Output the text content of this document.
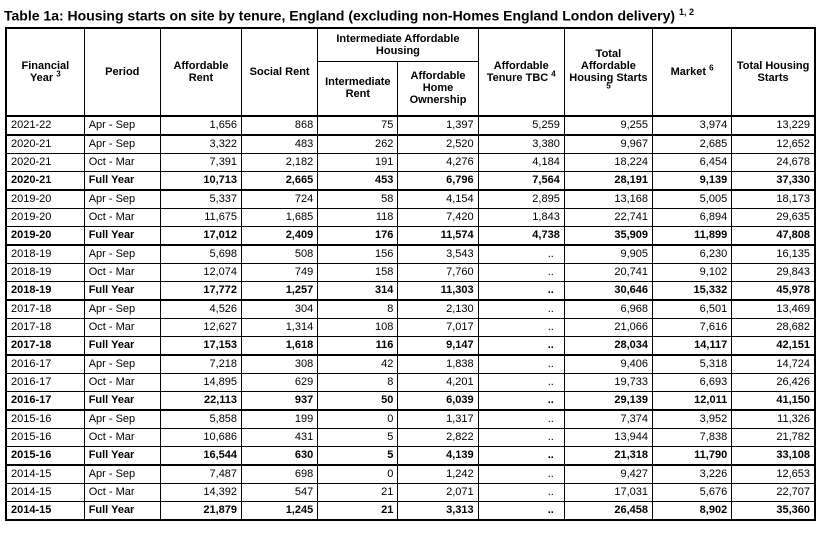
Table 1a: Housing starts on site by tenure, England (excluding non-Homes England London delivery) $^{1, 2}$
Financial Year $^3$	Period	Affordable Rent	Social Rent	Intermediate Affordable Housing		Affordable Tenure TBC $^4$	Total Affordable Housing Starts $^5$	Market $^6$	Total Housing Starts
				Intermediate Rent	Affordable Home Ownership				
2021-22	Apr - Sep	1,656	868	75	1,397	5,259	9,255	3,974	13,229
2020-21	Apr - Sep	3,322	483	262	2,520	3,380	9,967	2,685	12,652
2020-21	Oct - Mar	7,391	2,182	191	4,276	4,184	18,224	6,454	24,678
2020-21	Full Year	10,713	2,665	453	6,796	7,564	28,191	9,139	37,330
2019-20	Apr - Sep	5,337	724	58	4,154	2,895	13,168	5,005	18,173
2019-20	Oct - Mar	11,675	1,685	118	7,420	1,843	22,741	6,894	29,635
2019-20	Full Year	17,012	2,409	176	11,574	4,738	35,909	11,899	47,808
2018-19	Apr - Sep	5,698	508	156	3,543	..	9,905	6,230	16,135
2018-19	Oct - Mar	12,074	749	158	7,760	..	20,741	9,102	29,843
2018-19	Full Year	17,772	1,257	314	11,303	..	30,646	15,332	45,978
2017-18	Apr - Sep	4,526	304	8	2,130	..	6,968	6,501	13,469
2017-18	Oct - Mar	12,627	1,314	108	7,017	..	21,066	7,616	28,682
2017-18	Full Year	17,153	1,618	116	9,147	..	28,034	14,117	42,151
2016-17	Apr - Sep	7,218	308	42	1,838	..	9,406	5,318	14,724
2016-17	Oct - Mar	14,895	629	8	4,201	..	19,733	6,693	26,426
2016-17	Full Year	22,113	937	50	6,039	..	29,139	12,011	41,150
2015-16	Apr - Sep	5,858	199	0	1,317	..	7,374	3,952	11,326
2015-16	Oct - Mar	10,686	431	5	2,822	..	13,944	7,838	21,782
2015-16	Full Year	16,544	630	5	4,139	..	21,318	11,790	33,108
2014-15	Apr - Sep	7,487	698	0	1,242	..	9,427	3,226	12,653
2014-15	Oct - Mar	14,392	547	21	2,071	..	17,031	5,676	22,707
2014-15	Full Year	21,879	1,245	21	3,313	..	26,458	8,902	35,360
